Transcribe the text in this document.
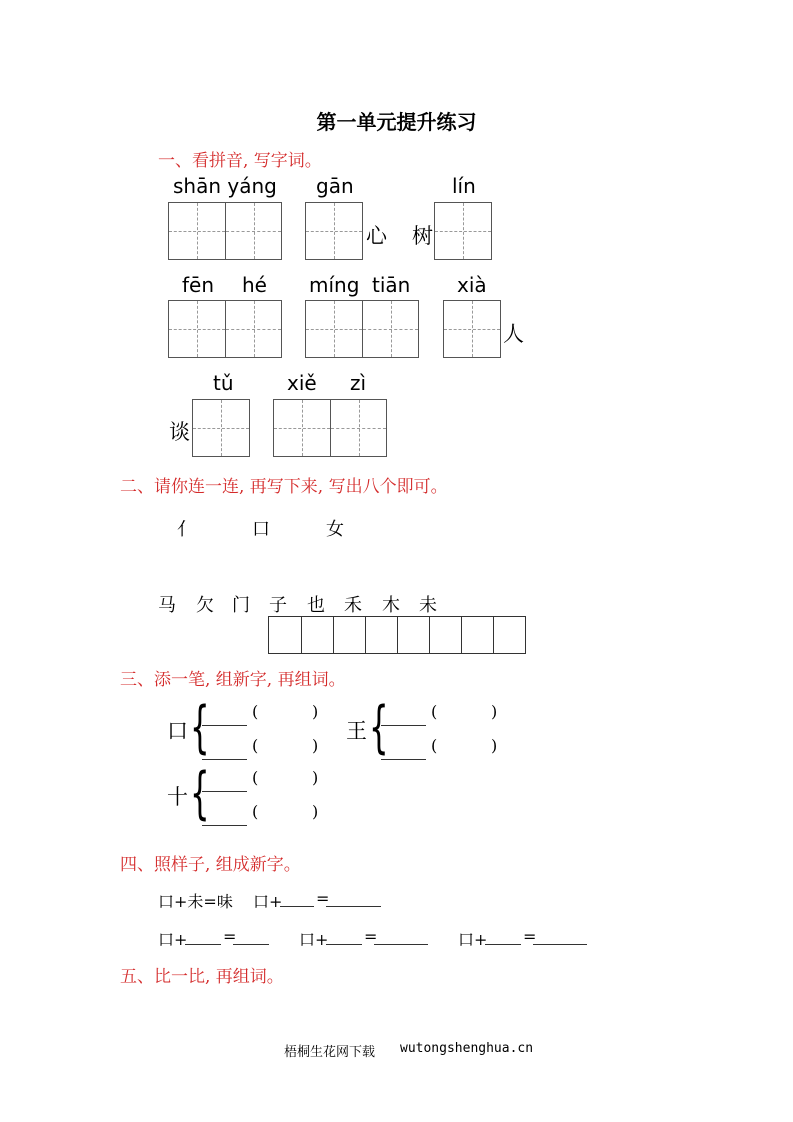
第一单元提升练习
一、看拼音, 写字词。
shān yáng gān	lín
心 树
fēn hé míng tiān xià
人
tǔ	xiě zì
谈
二、请你连一连, 再写下来, 写出八个即可。
亻	口	女
马 欠 门 子 也 禾 木 未
三、添一笔, 组新字, 再组词。
口 {	(	)
(	)
王 {	(	)
(	)
十 {	(	)
(	)
四、照样子, 组成新字。
口+未=味 口+ =
口+ =	口+ =	口+ =
五、比一比, 再组词。
梧桐生花网下载 wutongshenghua.cn
